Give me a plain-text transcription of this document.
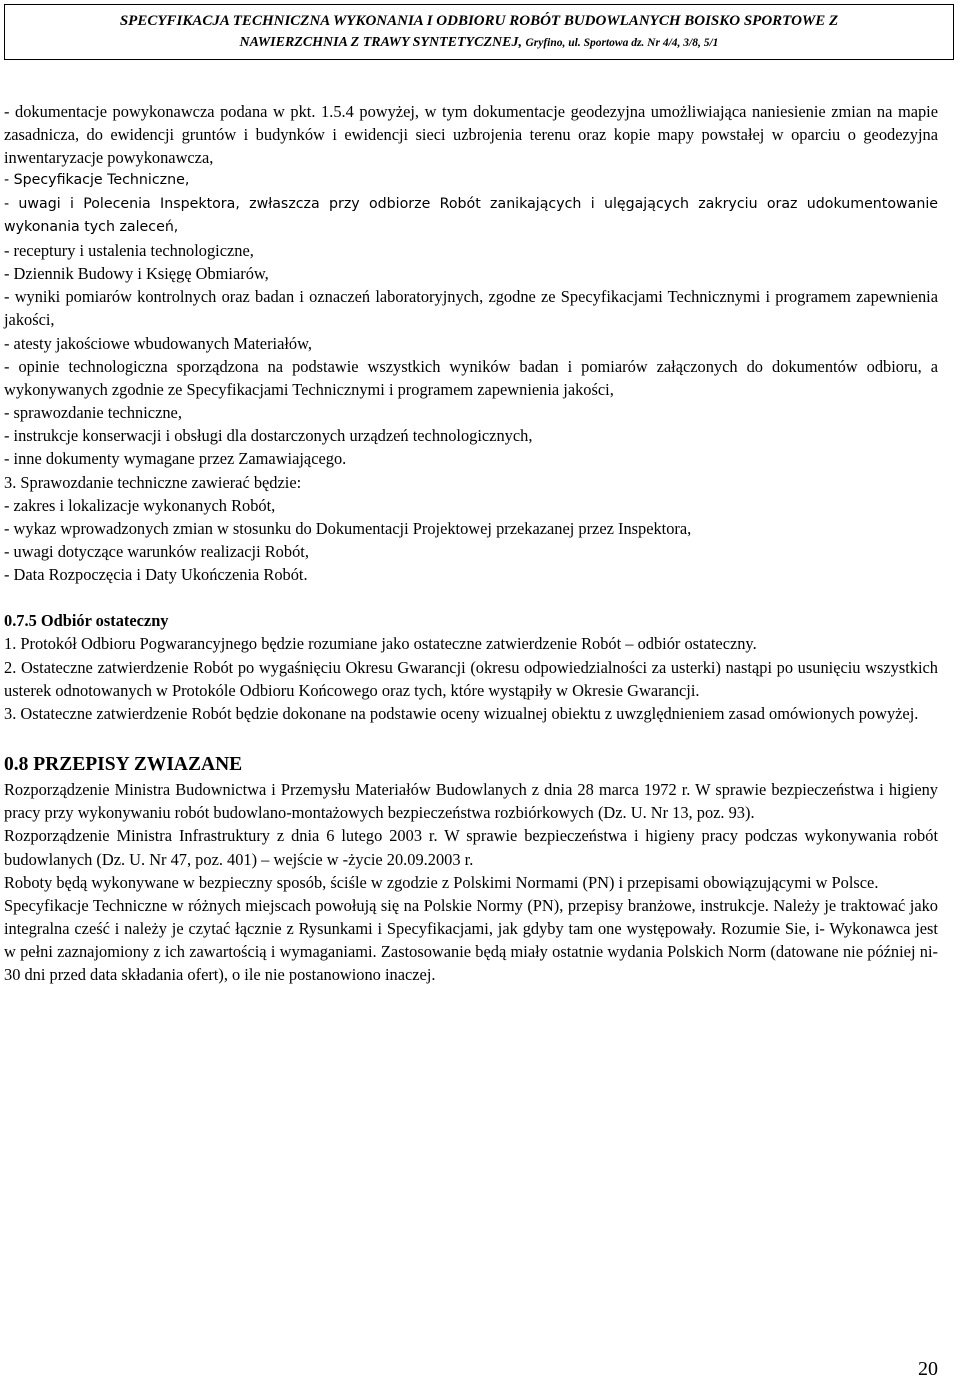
SPECYFIKACJA TECHNICZNA WYKONANIA I ODBIORU ROBÓT BUDOWLANYCH BOISKO SPORTOWE Z
NAWIERZCHNIA Z TRAWY SYNTETYCZNEJ, Gryfino, ul. Sportowa dz. Nr 4/4, 3/8, 5/1

- dokumentacje powykonawcza podana w pkt. 1.5.4 powyżej, w tym dokumentacje geodezyjna umożliwiająca naniesienie zmian na mapie zasadnicza, do ewidencji gruntów i budynków i ewidencji sieci uzbrojenia terenu oraz kopie mapy powstałej w oparciu o geodezyjna inwentaryzacje powykonawcza,

- Specyfikacje Techniczne,

- uwagi i Polecenia Inspektora, zwłaszcza przy odbiorze Robót zanikających i ulęgających zakryciu oraz udokumentowanie wykonania tych zaleceń,

- receptury i ustalenia technologiczne,

- Dziennik Budowy i Księgę Obmiarów,

- wyniki pomiarów kontrolnych oraz badan i oznaczeń laboratoryjnych, zgodne ze Specyfikacjami Technicznymi i programem zapewnienia jakości,

- atesty jakościowe wbudowanych Materiałów,

- opinie technologiczna sporządzona na podstawie wszystkich wyników badan i pomiarów załączonych do dokumentów odbioru, a wykonywanych zgodnie ze Specyfikacjami Technicznymi i programem zapewnienia jakości,

- sprawozdanie techniczne,

- instrukcje konserwacji i obsługi dla dostarczonych urządzeń technologicznych,

- inne dokumenty wymagane przez Zamawiającego.

3. Sprawozdanie techniczne zawierać będzie:

- zakres i lokalizacje wykonanych Robót,

- wykaz wprowadzonych zmian w stosunku do Dokumentacji Projektowej przekazanej przez Inspektora,

- uwagi dotyczące warunków realizacji Robót,

- Data Rozpoczęcia i Daty Ukończenia Robót.

0.7.5 Odbiór ostateczny

1. Protokół Odbioru Pogwarancyjnego będzie rozumiane jako ostateczne zatwierdzenie Robót – odbiór ostateczny.

2. Ostateczne zatwierdzenie Robót po wygaśnięciu Okresu Gwarancji (okresu odpowiedzialności za usterki) nastąpi po usunięciu wszystkich usterek odnotowanych w Protokóle Odbioru Końcowego oraz tych, które wystąpiły w Okresie Gwarancji.

3. Ostateczne zatwierdzenie Robót będzie dokonane na podstawie oceny wizualnej obiektu z uwzględnieniem zasad omówionych powyżej.

0.8 PRZEPISY ZWIAZANE

Rozporządzenie Ministra Budownictwa i Przemysłu Materiałów Budowlanych z dnia 28 marca 1972 r. W sprawie bezpieczeństwa i higieny pracy przy wykonywaniu robót budowlano-montażowych bezpieczeństwa rozbiórkowych (Dz. U. Nr 13, poz. 93).

Rozporządzenie Ministra Infrastruktury z dnia 6 lutego 2003 r. W sprawie bezpieczeństwa i higieny pracy podczas wykonywania robót budowlanych (Dz. U. Nr 47, poz. 401) – wejście w -życie 20.09.2003 r.

Roboty będą wykonywane w bezpieczny sposób, ściśle w zgodzie z Polskimi Normami (PN) i przepisami obowiązującymi w Polsce.

Specyfikacje Techniczne w różnych miejscach powołują się na Polskie Normy (PN), przepisy branżowe, instrukcje. Należy je traktować jako integralna cześć i należy je czytać łącznie z Rysunkami i Specyfikacjami, jak gdyby tam one występowały. Rozumie Sie, i- Wykonawca jest w pełni zaznajomiony z ich zawartością i wymaganiami. Zastosowanie będą miały ostatnie wydania Polskich Norm (datowane nie później ni- 30 dni przed data składania ofert), o ile nie postanowiono inaczej.

20
